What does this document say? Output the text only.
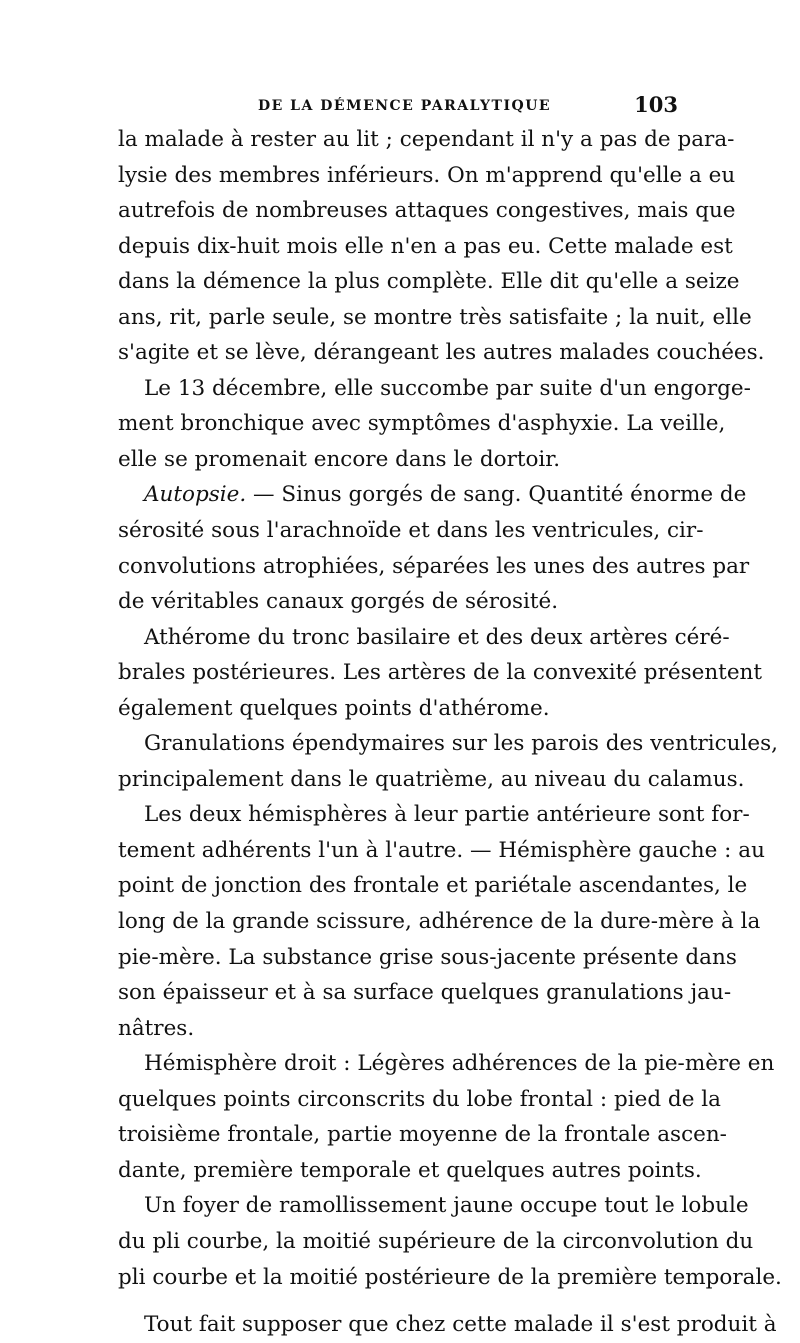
DE LA DÉMENCE PARALYTIQUE	103
la malade à rester au lit ; cependant il n'y a pas de para-
lysie des membres inférieurs. On m'apprend qu'elle a eu
autrefois de nombreuses attaques congestives, mais que
depuis dix-huit mois elle n'en a pas eu. Cette malade est
dans la démence la plus complète. Elle dit qu'elle a seize
ans, rit, parle seule, se montre très satisfaite ; la nuit, elle
s'agite et se lève, dérangeant les autres malades couchées.
Le 13 décembre, elle succombe par suite d'un engorge-
ment bronchique avec symptômes d'asphyxie. La veille,
elle se promenait encore dans le dortoir.
Autopsie. — Sinus gorgés de sang. Quantité énorme de
sérosité sous l'arachnoïde et dans les ventricules, cir-
convolutions atrophiées, séparées les unes des autres par
de véritables canaux gorgés de sérosité.
Athérome du tronc basilaire et des deux artères céré-
brales postérieures. Les artères de la convexité présentent
également quelques points d'athérome.
Granulations épendymaires sur les parois des ventricules,
principalement dans le quatrième, au niveau du calamus.
Les deux hémisphères à leur partie antérieure sont for-
tement adhérents l'un à l'autre. — Hémisphère gauche : au
point de jonction des frontale et pariétale ascendantes, le
long de la grande scissure, adhérence de la dure-mère à la
pie-mère. La substance grise sous-jacente présente dans
son épaisseur et à sa surface quelques granulations jau-
nâtres.
Hémisphère droit : Légères adhérences de la pie-mère en
quelques points circonscrits du lobe frontal : pied de la
troisième frontale, partie moyenne de la frontale ascen-
dante, première temporale et quelques autres points.
Un foyer de ramollissement jaune occupe tout le lobule
du pli courbe, la moitié supérieure de la circonvolution du
pli courbe et la moitié postérieure de la première temporale.
Tout fait supposer que chez cette malade il s'est produit à
